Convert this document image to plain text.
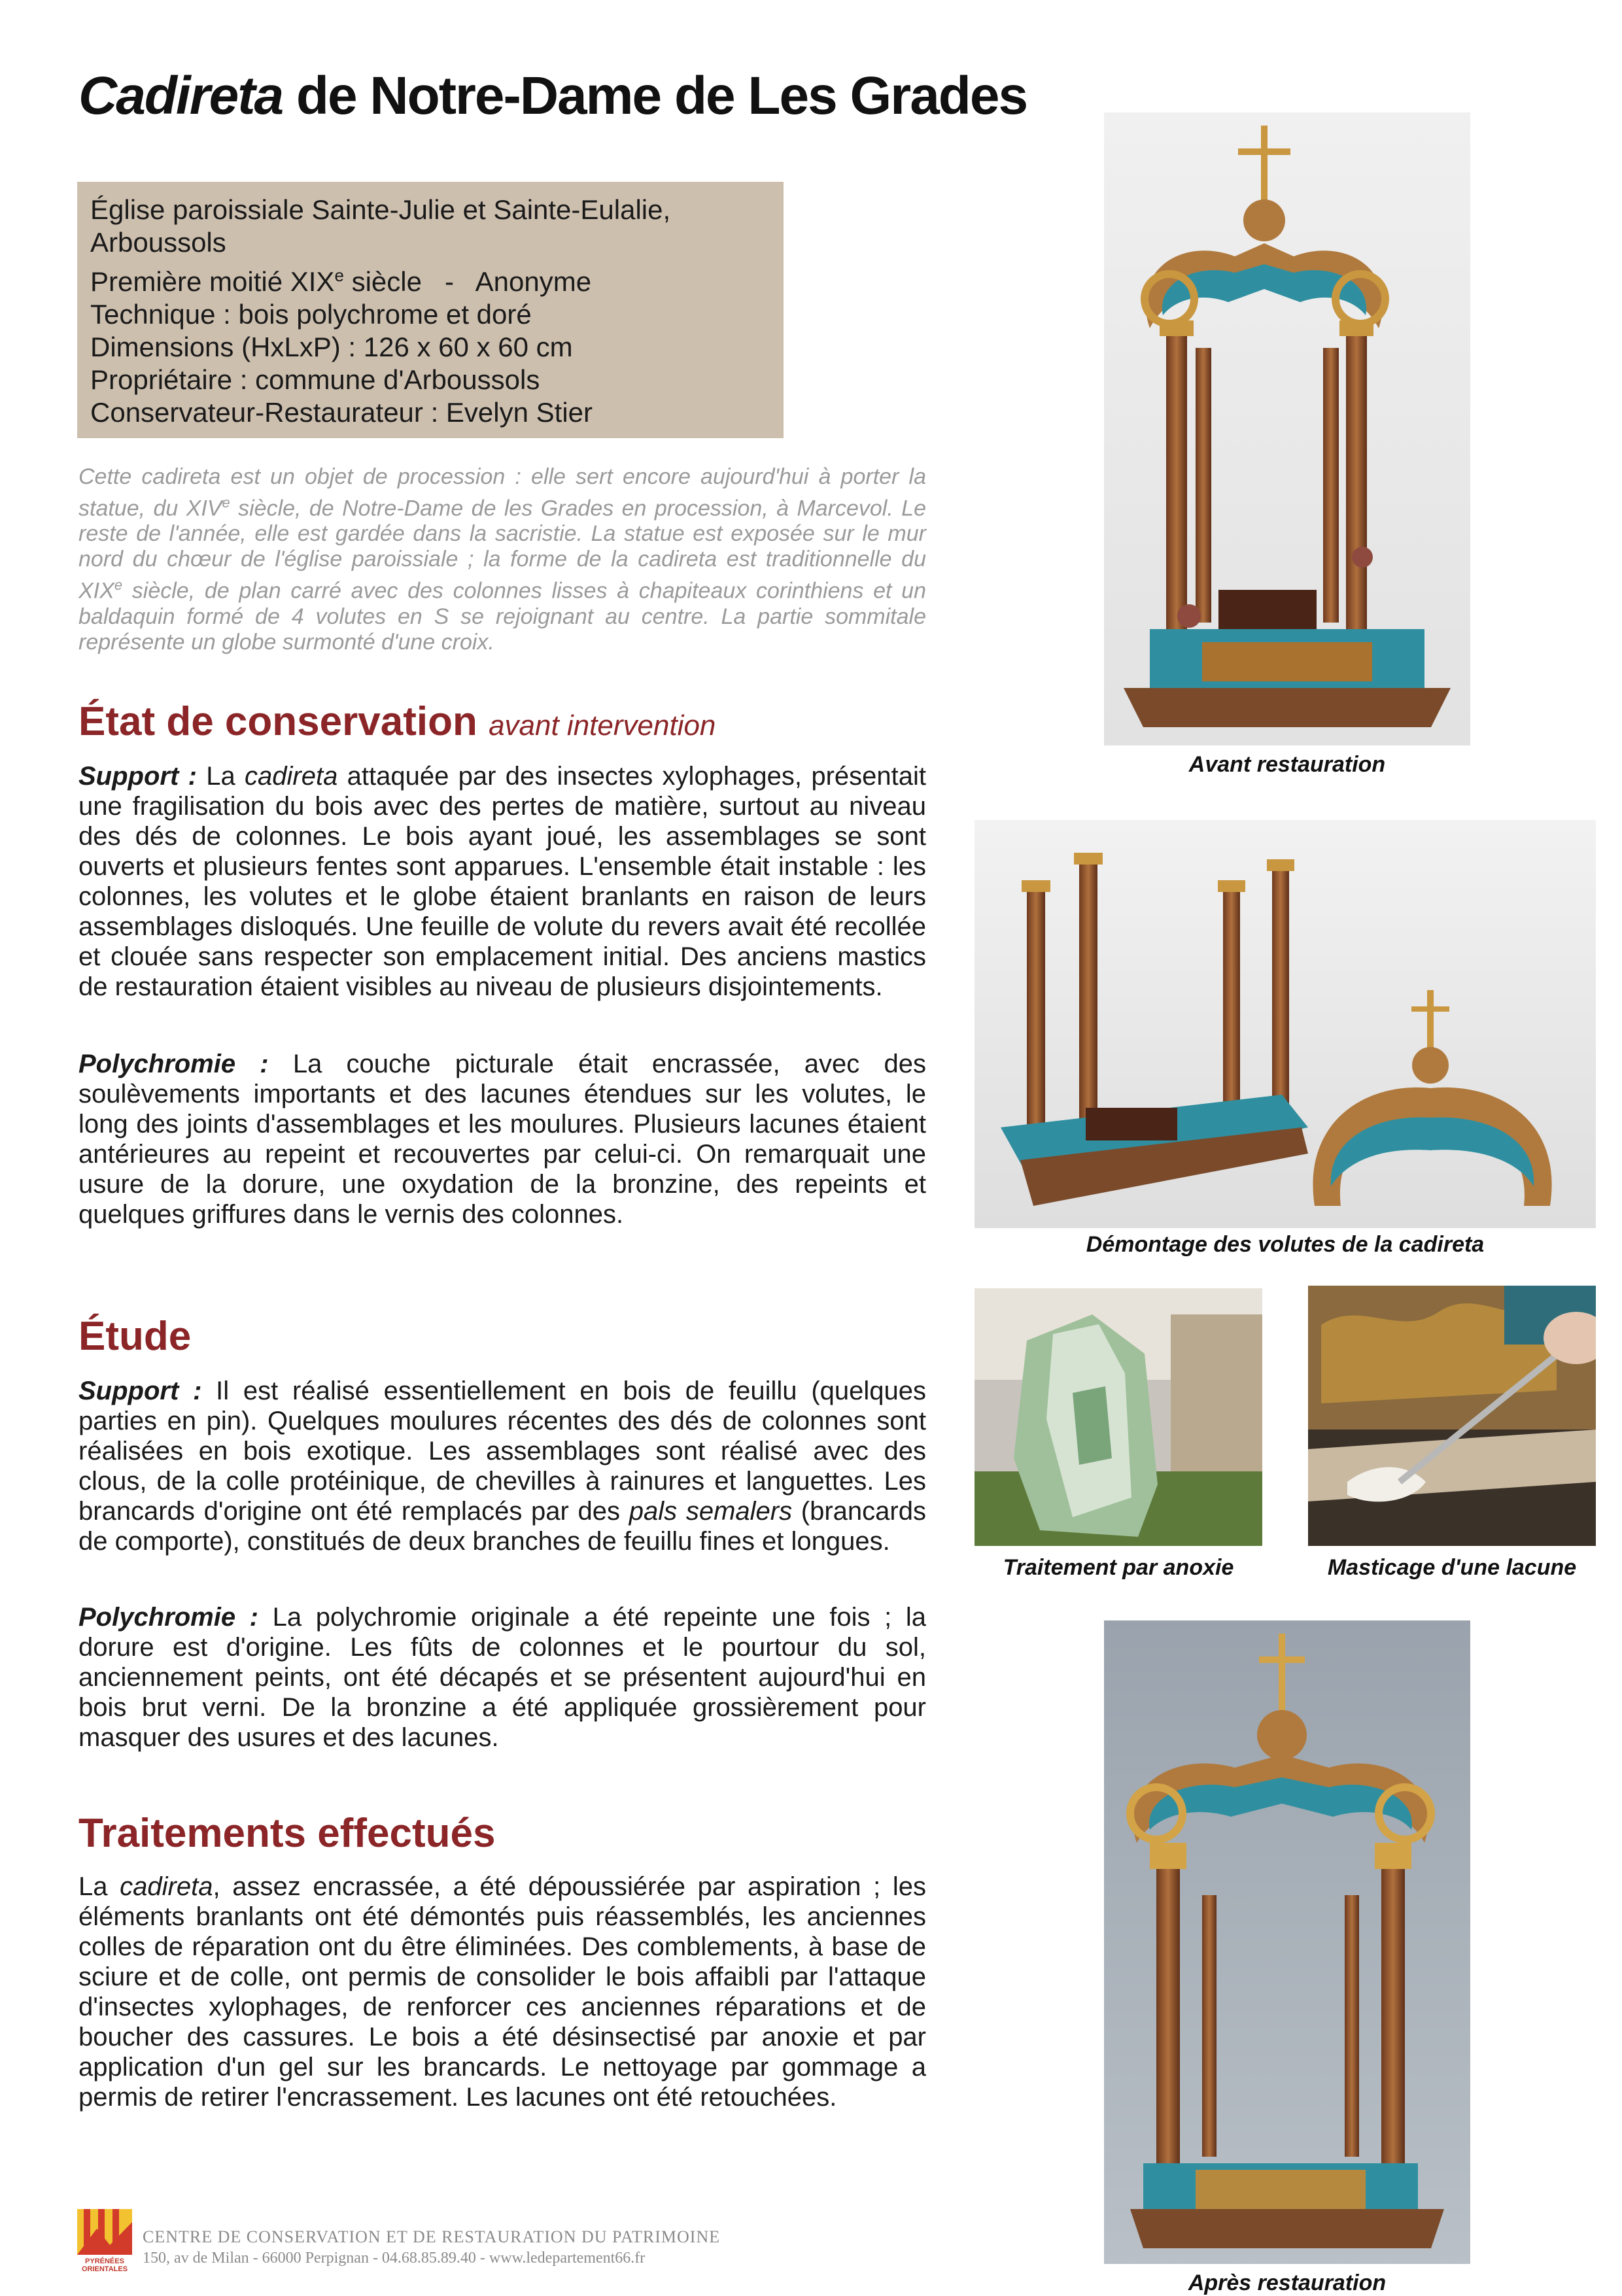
Cadireta de Notre-Dame de Les Grades
Église paroissiale Sainte-Julie et Sainte-Eulalie,
Arboussols
Première moitié XIXe siècle   -   Anonyme
Technique : bois polychrome et doré
Dimensions (HxLxP) : 126 x 60 x 60 cm
Propriétaire : commune d'Arboussols
Conservateur-Restaurateur : Evelyn Stier
Cette cadireta est un objet de procession : elle sert encore aujourd'hui à porter la statue, du XIVe siècle, de Notre-Dame de les Grades en procession, à Marcevol. Le reste de l'année, elle est gardée dans la sacristie. La statue est exposée sur le mur nord du chœur de l'église paroissiale ; la forme de la cadireta est traditionnelle du XIXe siècle, de plan carré avec des colonnes lisses à chapiteaux corinthiens et un baldaquin formé de 4 volutes en S se rejoignant au centre. La partie sommitale représente un globe surmonté d'une croix.
État de conservation avant intervention
Support : La cadireta attaquée par des insectes xylophages, présentait une fragilisation du bois avec des pertes de matière, surtout au niveau des dés de colonnes. Le bois ayant joué, les assemblages se sont ouverts et plusieurs fentes sont apparues. L'ensemble était instable : les colonnes, les volutes et le globe étaient branlants en raison de leurs assemblages disloqués. Une feuille de volute du revers avait été recollée et clouée sans respecter son emplacement initial. Des anciens mastics de restauration étaient visibles au niveau de plusieurs disjointements.
Polychromie : La couche picturale était encrassée, avec des soulèvements importants et des lacunes étendues sur les volutes, le long des joints d'assemblages et les moulures. Plusieurs lacunes étaient antérieures au repeint et recouvertes par celui-ci. On remarquait une usure de la dorure, une oxydation de la bronzine, des repeints et quelques griffures dans le vernis des colonnes.
Étude
Support : Il est réalisé essentiellement en bois de feuillu (quelques parties en pin). Quelques moulures récentes des dés de colonnes sont réalisées en bois exotique. Les assemblages sont réalisé avec des clous, de la colle protéinique, de chevilles à rainures et languettes. Les brancards d'origine ont été remplacés par des pals semalers (brancards de comporte), constitués de deux branches de feuillu fines et longues.
Polychromie : La polychromie originale a été repeinte une fois ; la dorure est d'origine. Les fûts de colonnes et le pourtour du sol, anciennement peints, ont été décapés et se présentent aujourd'hui en bois brut verni. De la bronzine a été appliquée grossièrement pour masquer des usures et des lacunes.
Traitements effectués
La cadireta, assez encrassée, a été dépoussiérée par aspiration ; les éléments branlants ont été démontés puis réassemblés, les anciennes colles de réparation ont du être éliminées. Des comblements, à base de sciure et de colle, ont permis de consolider le bois affaibli par l'attaque d'insectes xylophages, de renforcer ces anciennes réparations et de boucher des cassures. Le bois a été désinsectisé par anoxie et par application d'un gel sur les brancards. Le nettoyage par gommage a permis de retirer l'encrassement. Les lacunes ont été retouchées.
Avant restauration
Démontage des volutes de la cadireta
Traitement par anoxie	Masticage d'une lacune
Après restauration
PYRÉNÉES ORIENTALES
CENTRE DE CONSERVATION ET DE RESTAURATION DU PATRIMOINE
150, av de Milan - 66000 Perpignan - 04.68.85.89.40 - www.ledepartement66.fr
